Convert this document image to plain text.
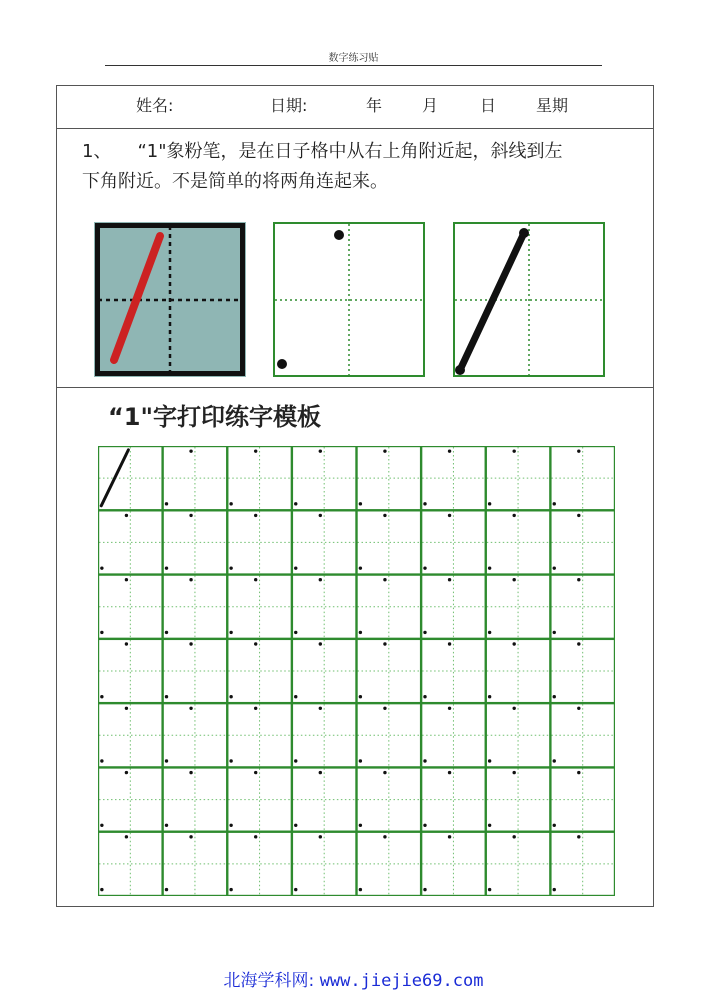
数字练习贴
姓名:	日期:	年 月	日 星期
1、 “1"象粉笔，是在日子格中从右上角附近起，斜线到左
下角附近。不是简单的将两角连起来。
“1"字打印练字模板
北海学科网: www.jiejie69.com
